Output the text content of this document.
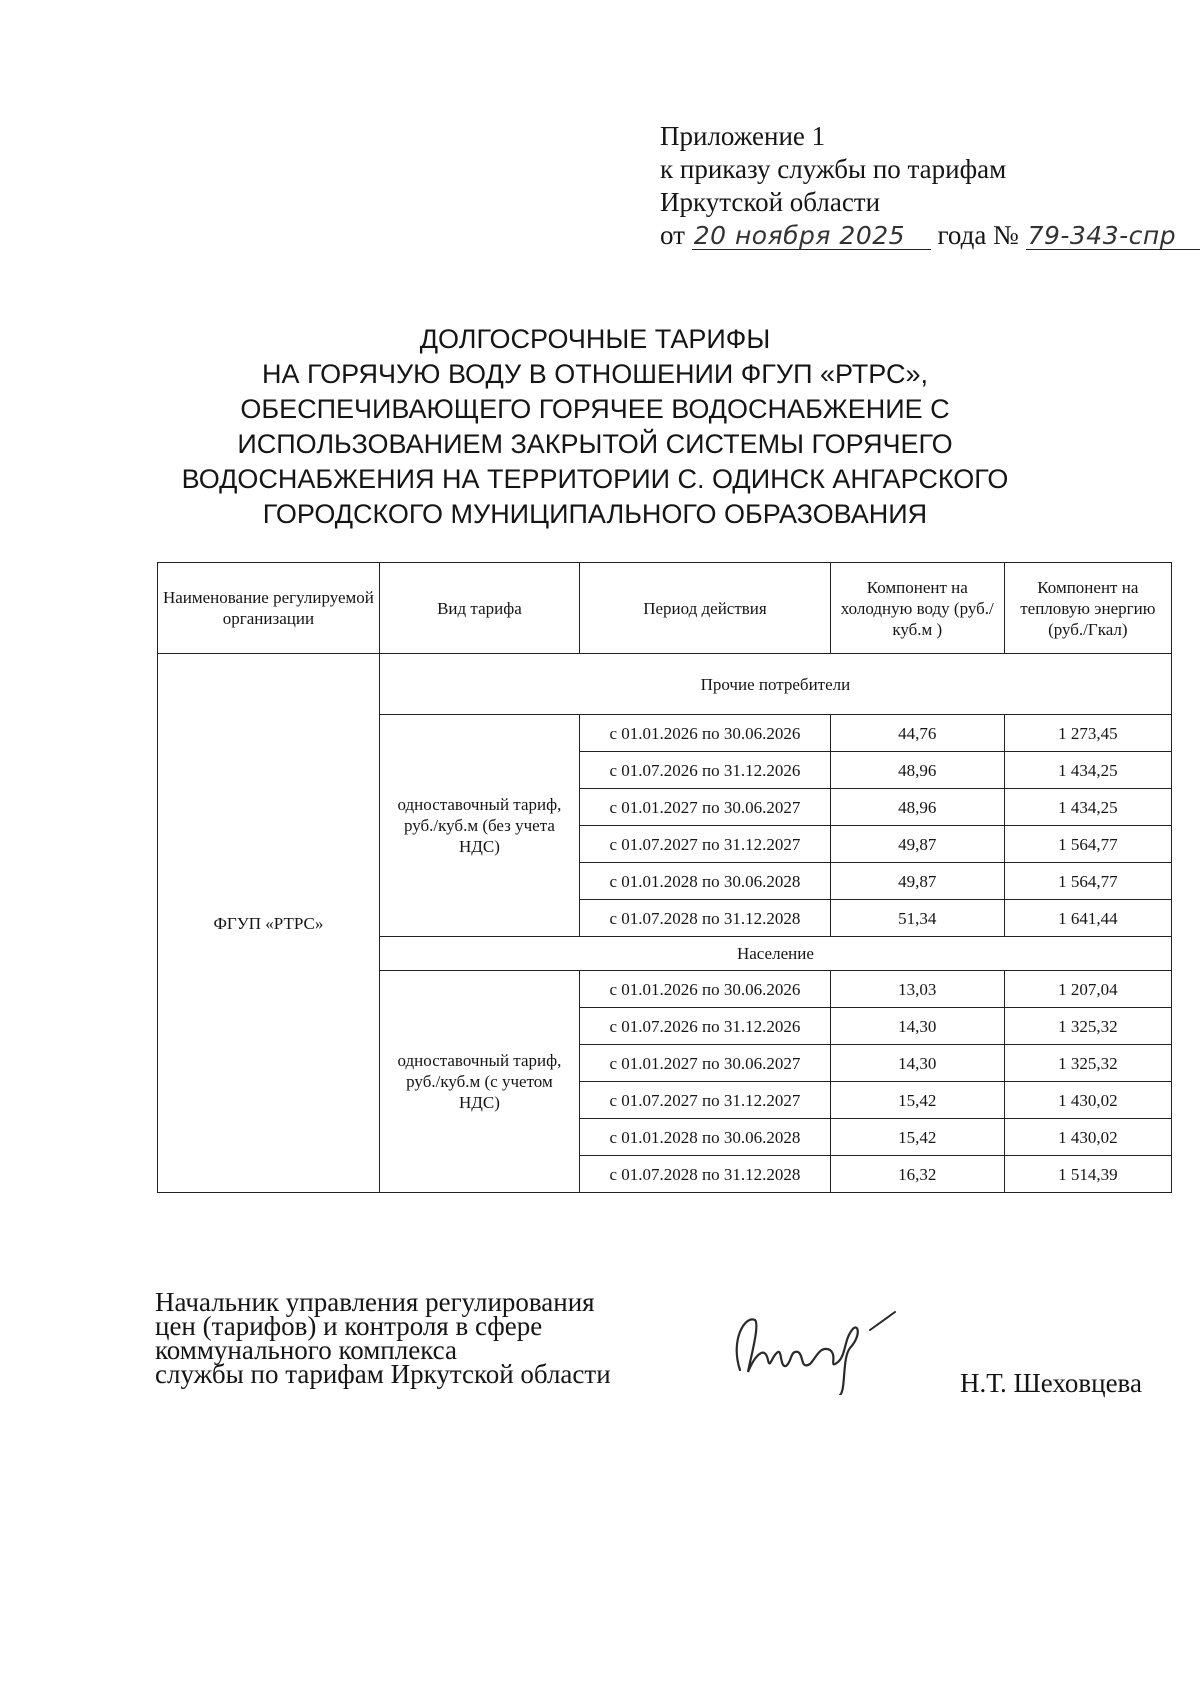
Приложение 1
к приказу службы по тарифам
Иркутской области
от 20 ноября 2025 года № 79-343-спр
ДОЛГОСРОЧНЫЕ ТАРИФЫ
НА ГОРЯЧУЮ ВОДУ В ОТНОШЕНИИ ФГУП «РТРС»,
ОБЕСПЕЧИВАЮЩЕГО ГОРЯЧЕЕ ВОДОСНАБЖЕНИЕ С
ИСПОЛЬЗОВАНИЕМ ЗАКРЫТОЙ СИСТЕМЫ ГОРЯЧЕГО
ВОДОСНАБЖЕНИЯ НА ТЕРРИТОРИИ С. ОДИНСК АНГАРСКОГО
ГОРОДСКОГО МУНИЦИПАЛЬНОГО ОБРАЗОВАНИЯ
Наименование регулируемой организации	Вид тарифа	Период действия	Компонент на холодную воду (руб./куб.м )	Компонент на тепловую энергию (руб./Гкал)
ФГУП «РТРС»	Прочие потребители			
	одноставочный тариф, руб./куб.м (без учета НДС)	с 01.01.2026 по 30.06.2026	44,76	1 273,45
		с 01.07.2026 по 31.12.2026	48,96	1 434,25
		с 01.01.2027 по 30.06.2027	48,96	1 434,25
		с 01.07.2027 по 31.12.2027	49,87	1 564,77
		с 01.01.2028 по 30.06.2028	49,87	1 564,77
		с 01.07.2028 по 31.12.2028	51,34	1 641,44
	Население			
	одноставочный тариф, руб./куб.м (с учетом НДС)	с 01.01.2026 по 30.06.2026	13,03	1 207,04
		с 01.07.2026 по 31.12.2026	14,30	1 325,32
		с 01.01.2027 по 30.06.2027	14,30	1 325,32
		с 01.07.2027 по 31.12.2027	15,42	1 430,02
		с 01.01.2028 по 30.06.2028	15,42	1 430,02
		с 01.07.2028 по 31.12.2028	16,32	1 514,39
Начальник управления регулирования
цен (тарифов) и контроля в сфере
коммунального комплекса
службы по тарифам Иркутской области	Н.Т. Шеховцева
